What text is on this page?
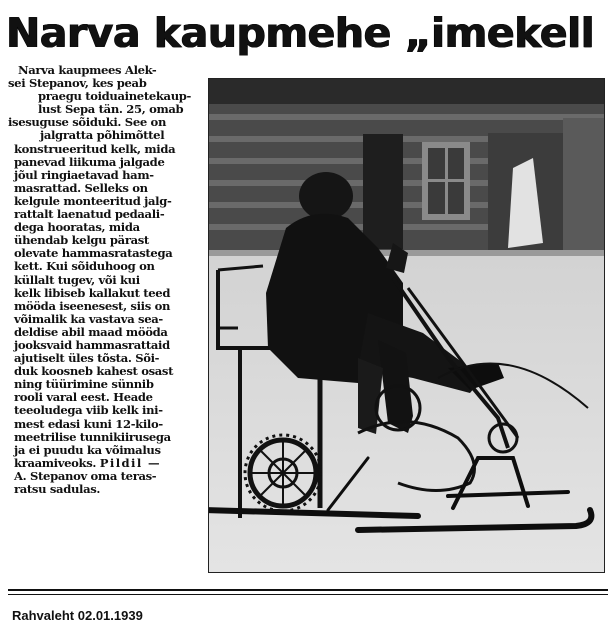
Narva kaupmehe „imekell
Narva kaupmees Alek-
sei Stepanov, kes peab
praegu toiduainetekaup-
lust Sepa tän. 25, omab
isesuguse sõiduki. See on
jalgratta põhimõttel
konstrueeritud kelk, mida
panevad liikuma jalgade
jõul ringiaetavad ham-
masrattad. Selleks on
kelgule monteeritud jalg-
rattalt laenatud pedaali-
dega hooratas, mida
ühendab kelgu pärast
olevate hammasratastega
kett. Kui sõiduhoog on
küllalt tugev, või kui
kelk libiseb kallakut teed
mööda iseenesest, siis on
võimalik ka vastava sea-
deldise abil maad mööda
jooksvaid hammasrattaid
ajutiselt üles tõsta. Sõi-
duk koosneb kahest osast
ning tüürimine sünnib
rooli varal eest. Heade
teeoludega viib kelk ini-
mest edasi kuni 12-kilo-
meetrilise tunnikiirusega
ja ei puudu ka võimalus
kraamiveoks. Pildil —
A. Stepanov oma teras-
ratsu sadulas.
Rahvaleht 02.01.1939
